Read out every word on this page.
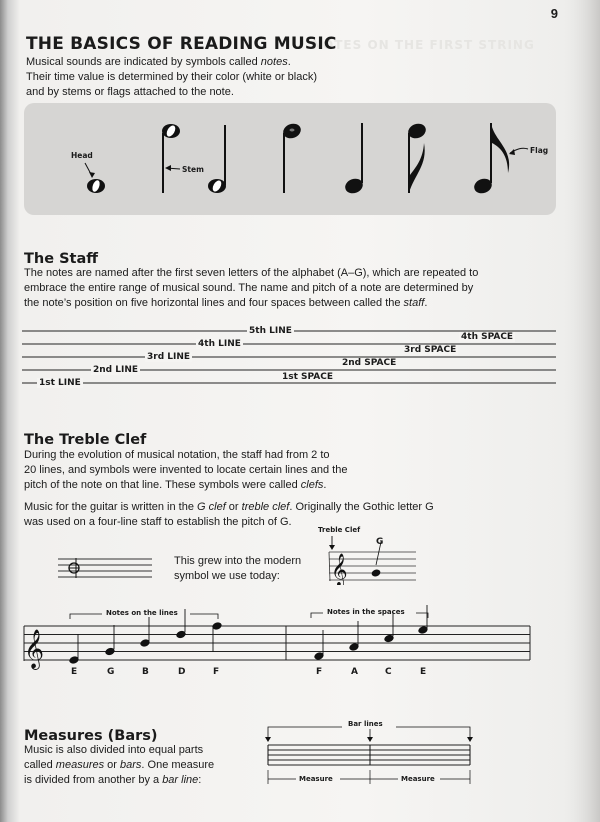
9
NOTES ON THE FIRST STRING
THE BASICS OF READING MUSIC
Musical sounds are indicated by symbols called notes.
Their time value is determined by their color (white or black)
and by stems or flags attached to the note.
Head
Stem
Flag
The Staff
The notes are named after the first seven letters of the alphabet (A–G), which are repeated to
embrace the entire range of musical sound. The name and pitch of a note are determined by
the note’s position on five horizontal lines and four spaces between called the staff.
5th LINE
4th SPACE
4th LINE
3rd SPACE
3rd LINE
2nd SPACE
2nd LINE
1st SPACE
1st LINE
The Treble Clef
During the evolution of musical notation, the staff had from 2 to
20 lines, and symbols were invented to locate certain lines and the
pitch of the note on that line. These symbols were called clefs.
Music for the guitar is written in the G clef or treble clef. Originally the Gothic letter G
was used on a four-line staff to establish the pitch of G.
This grew into the modern
symbol we use today:
Treble Clef
G
𝄞
Notes on the lines	Notes in the spaces
𝄞
E	G	B	D	F	F	A	C	E
Measures (Bars)
Music is also divided into equal parts
called measures or bars. One measure
is divided from another by a bar line:
Bar lines
Measure	Measure
